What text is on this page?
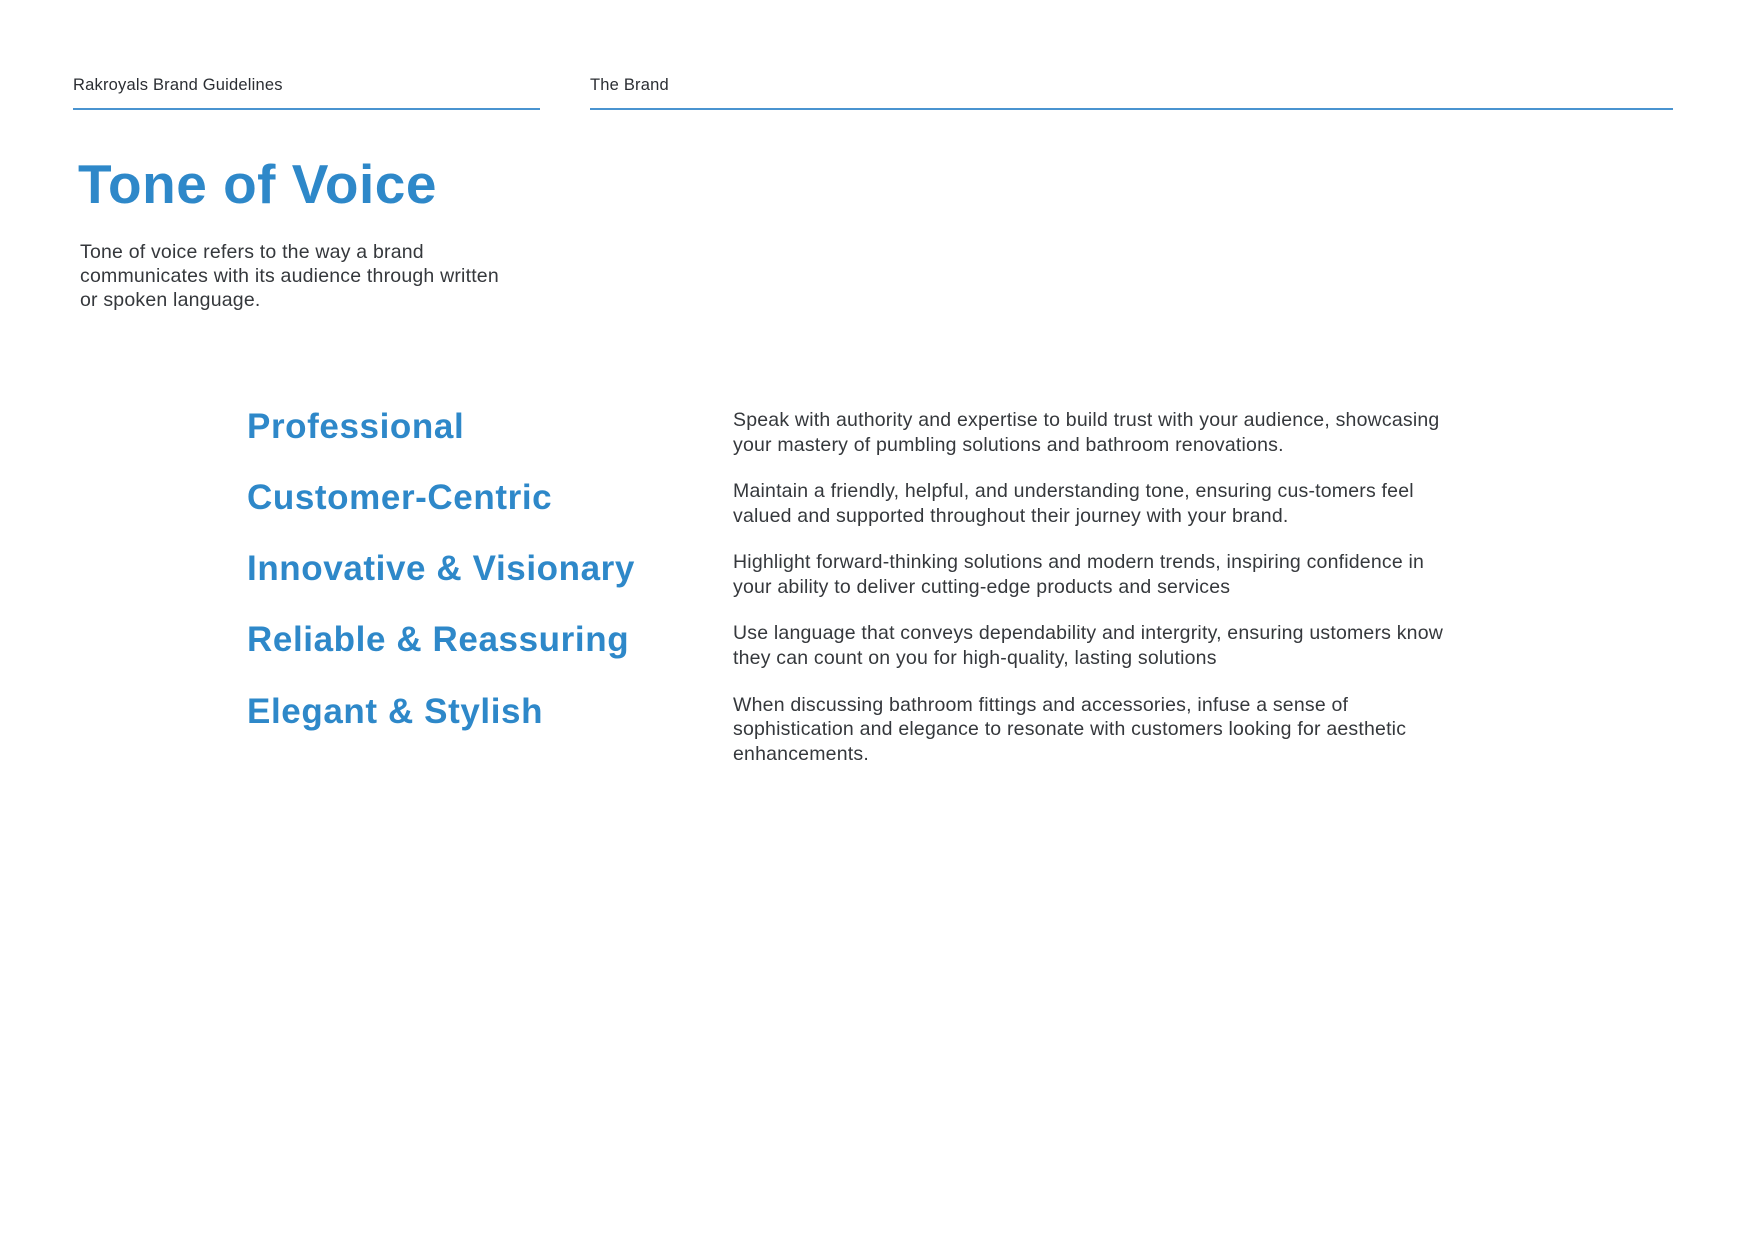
Rakroyals Brand Guidelines	The Brand
Tone of Voice

Tone of voice refers to the way a brand communicates with its audience through written or spoken language.

Professional	Speak with authority and expertise to build trust with your audience, showcasing your mastery of pumbling solutions and bathroom renovations.
Customer-Centric	Maintain a friendly, helpful, and understanding tone, ensuring cus-tomers feel valued and supported throughout their journey with your brand.
Innovative & Visionary	Highlight forward-thinking solutions and modern trends, inspiring confidence in your ability to deliver cutting-edge products and services
Reliable & Reassuring	Use language that conveys dependability and intergrity, ensuring ustomers know they can count on you for high-quality, lasting solutions
Elegant & Stylish	When discussing bathroom fittings and accessories, infuse a sense of sophistication and elegance to resonate with customers looking for aesthetic enhancements.
